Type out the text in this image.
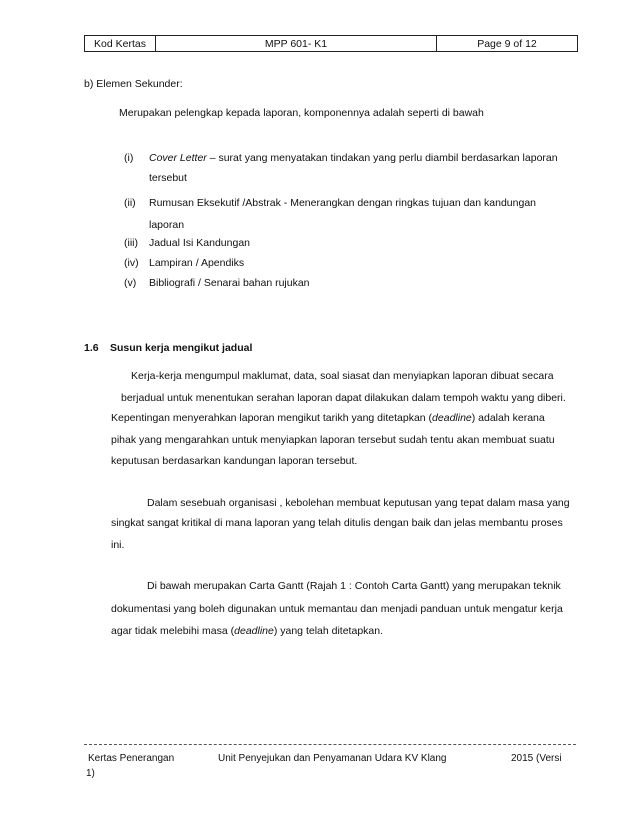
Kod Kertas	MPP 601- K1	Page 9 of 12
b) Elemen Sekunder:
Merupakan pelengkap kepada laporan, komponennya adalah seperti di bawah
(i) Cover Letter – surat yang menyatakan tindakan yang perlu diambil berdasarkan laporan
tersebut
(ii) Rumusan Eksekutif /Abstrak - Menerangkan dengan ringkas tujuan dan kandungan
laporan
(iii) Jadual Isi Kandungan
(iv) Lampiran / Apendiks
(v) Bibliografi / Senarai bahan rujukan
1.6 Susun kerja mengikut jadual
Kerja-kerja mengumpul maklumat, data, soal siasat dan menyiapkan laporan dibuat secara
berjadual untuk menentukan serahan laporan dapat dilakukan dalam tempoh waktu yang diberi.
Kepentingan menyerahkan laporan mengikut tarikh yang ditetapkan (deadline) adalah kerana
pihak yang mengarahkan untuk menyiapkan laporan tersebut sudah tentu akan membuat suatu
keputusan berdasarkan kandungan laporan tersebut.
Dalam sesebuah organisasi , kebolehan membuat keputusan yang tepat dalam masa yang
singkat sangat kritikal di mana laporan yang telah ditulis dengan baik dan jelas membantu proses
ini.
Di bawah merupakan Carta Gantt (Rajah 1 : Contoh Carta Gantt) yang merupakan teknik
dokumentasi yang boleh digunakan untuk memantau dan menjadi panduan untuk mengatur kerja
agar tidak melebihi masa (deadline) yang telah ditetapkan.
Kertas Penerangan	Unit Penyejukan dan Penyamanan Udara KV Klang	2015 (Versi
1)
